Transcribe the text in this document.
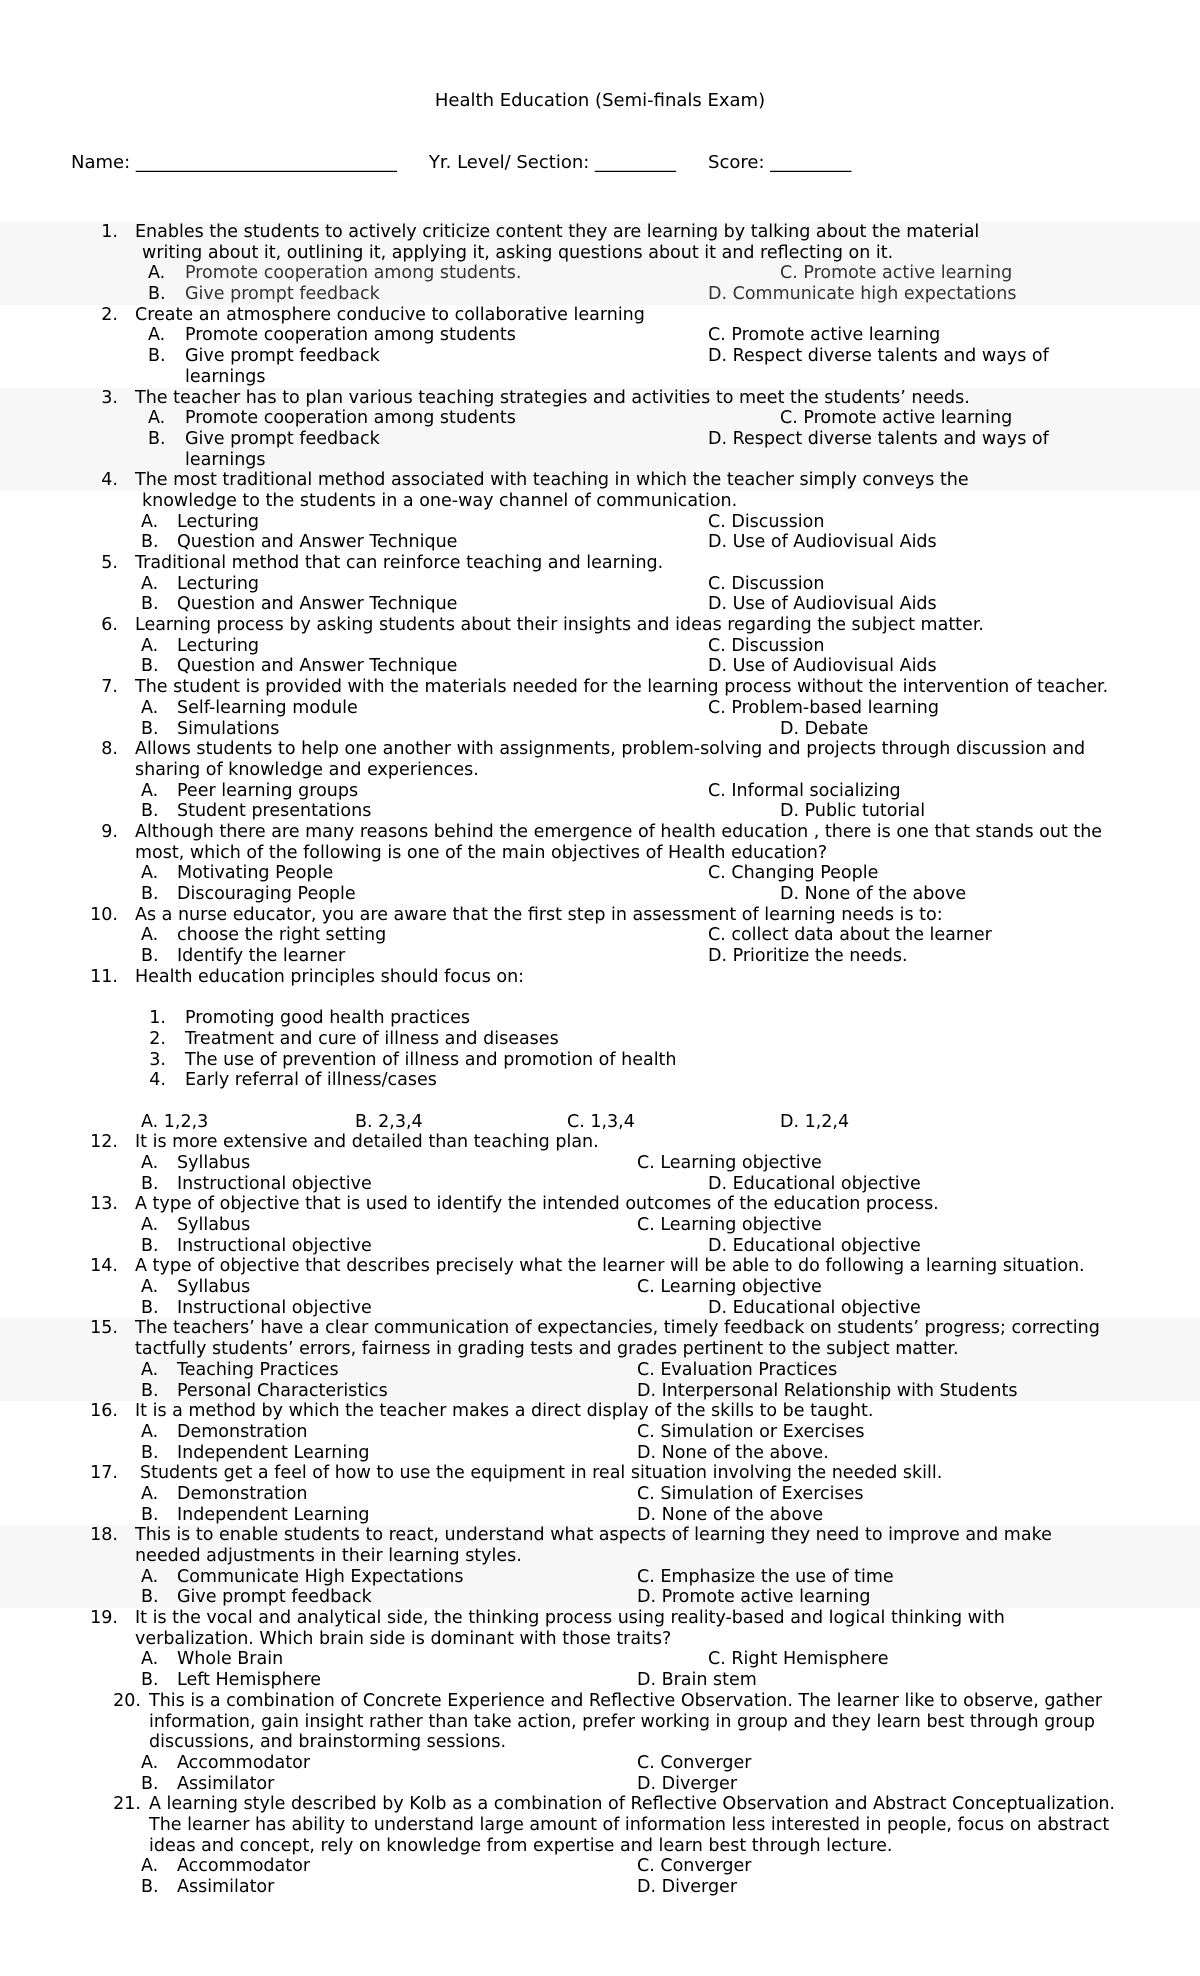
Health Education (Semi-finals Exam)
Name: _____________________________ Yr. Level/ Section: _________ Score: _________
1. Enables the students to actively criticize content they are learning by talking about the material
writing about it, outlining it, applying it, asking questions about it and reflecting on it.
A. Promote cooperation among students.	C. Promote active learning
B. Give prompt feedback	D. Communicate high expectations
2. Create an atmosphere conducive to collaborative learning
A. Promote cooperation among students	C. Promote active learning
B. Give prompt feedback	D. Respect diverse talents and ways of
learnings
3. The teacher has to plan various teaching strategies and activities to meet the students’ needs.
A. Promote cooperation among students	C. Promote active learning
B. Give prompt feedback	D. Respect diverse talents and ways of
learnings
4. The most traditional method associated with teaching in which the teacher simply conveys the
knowledge to the students in a one-way channel of communication.
A. Lecturing	C. Discussion
B. Question and Answer Technique	D. Use of Audiovisual Aids
5. Traditional method that can reinforce teaching and learning.
A. Lecturing	C. Discussion
B. Question and Answer Technique	D. Use of Audiovisual Aids
6. Learning process by asking students about their insights and ideas regarding the subject matter.
A. Lecturing	C. Discussion
B. Question and Answer Technique	D. Use of Audiovisual Aids
7. The student is provided with the materials needed for the learning process without the intervention of teacher.
A. Self-learning module	C. Problem-based learning
B. Simulations	D. Debate
8. Allows students to help one another with assignments, problem-solving and projects through discussion and
sharing of knowledge and experiences.
A. Peer learning groups	C. Informal socializing
B. Student presentations	D. Public tutorial
9. Although there are many reasons behind the emergence of health education , there is one that stands out the
most, which of the following is one of the main objectives of Health education?
A. Motivating People	C. Changing People
B. Discouraging People	D. None of the above
10. As a nurse educator, you are aware that the first step in assessment of learning needs is to:
A. choose the right setting	C. collect data about the learner
B. Identify the learner	D. Prioritize the needs.
11. Health education principles should focus on:
1. Promoting good health practices
2. Treatment and cure of illness and diseases
3. The use of prevention of illness and promotion of health
4. Early referral of illness/cases
A. 1,2,3	B. 2,3,4	C. 1,3,4	D. 1,2,4
12. It is more extensive and detailed than teaching plan.
A. Syllabus	C. Learning objective
B. Instructional objective	D. Educational objective
13. A type of objective that is used to identify the intended outcomes of the education process.
A. Syllabus	C. Learning objective
B. Instructional objective	D. Educational objective
14. A type of objective that describes precisely what the learner will be able to do following a learning situation.
A. Syllabus	C. Learning objective
B. Instructional objective	D. Educational objective
15. The teachers’ have a clear communication of expectancies, timely feedback on students’ progress; correcting
tactfully students’ errors, fairness in grading tests and grades pertinent to the subject matter.
A. Teaching Practices	C. Evaluation Practices
B. Personal Characteristics	D. Interpersonal Relationship with Students
16. It is a method by which the teacher makes a direct display of the skills to be taught.
A. Demonstration	C. Simulation or Exercises
B. Independent Learning	D. None of the above.
17. Students get a feel of how to use the equipment in real situation involving the needed skill.
A. Demonstration	C. Simulation of Exercises
B. Independent Learning	D. None of the above
18. This is to enable students to react, understand what aspects of learning they need to improve and make
needed adjustments in their learning styles.
A. Communicate High Expectations	C. Emphasize the use of time
B. Give prompt feedback	D. Promote active learning
19. It is the vocal and analytical side, the thinking process using reality-based and logical thinking with
verbalization. Which brain side is dominant with those traits?
A. Whole Brain	C. Right Hemisphere
B. Left Hemisphere	D. Brain stem
20. This is a combination of Concrete Experience and Reflective Observation. The learner like to observe, gather
information, gain insight rather than take action, prefer working in group and they learn best through group
discussions, and brainstorming sessions.
A. Accommodator	C. Converger
B. Assimilator	D. Diverger
21. A learning style described by Kolb as a combination of Reflective Observation and Abstract Conceptualization.
The learner has ability to understand large amount of information less interested in people, focus on abstract
ideas and concept, rely on knowledge from expertise and learn best through lecture.
A. Accommodator	C. Converger
B. Assimilator	D. Diverger
